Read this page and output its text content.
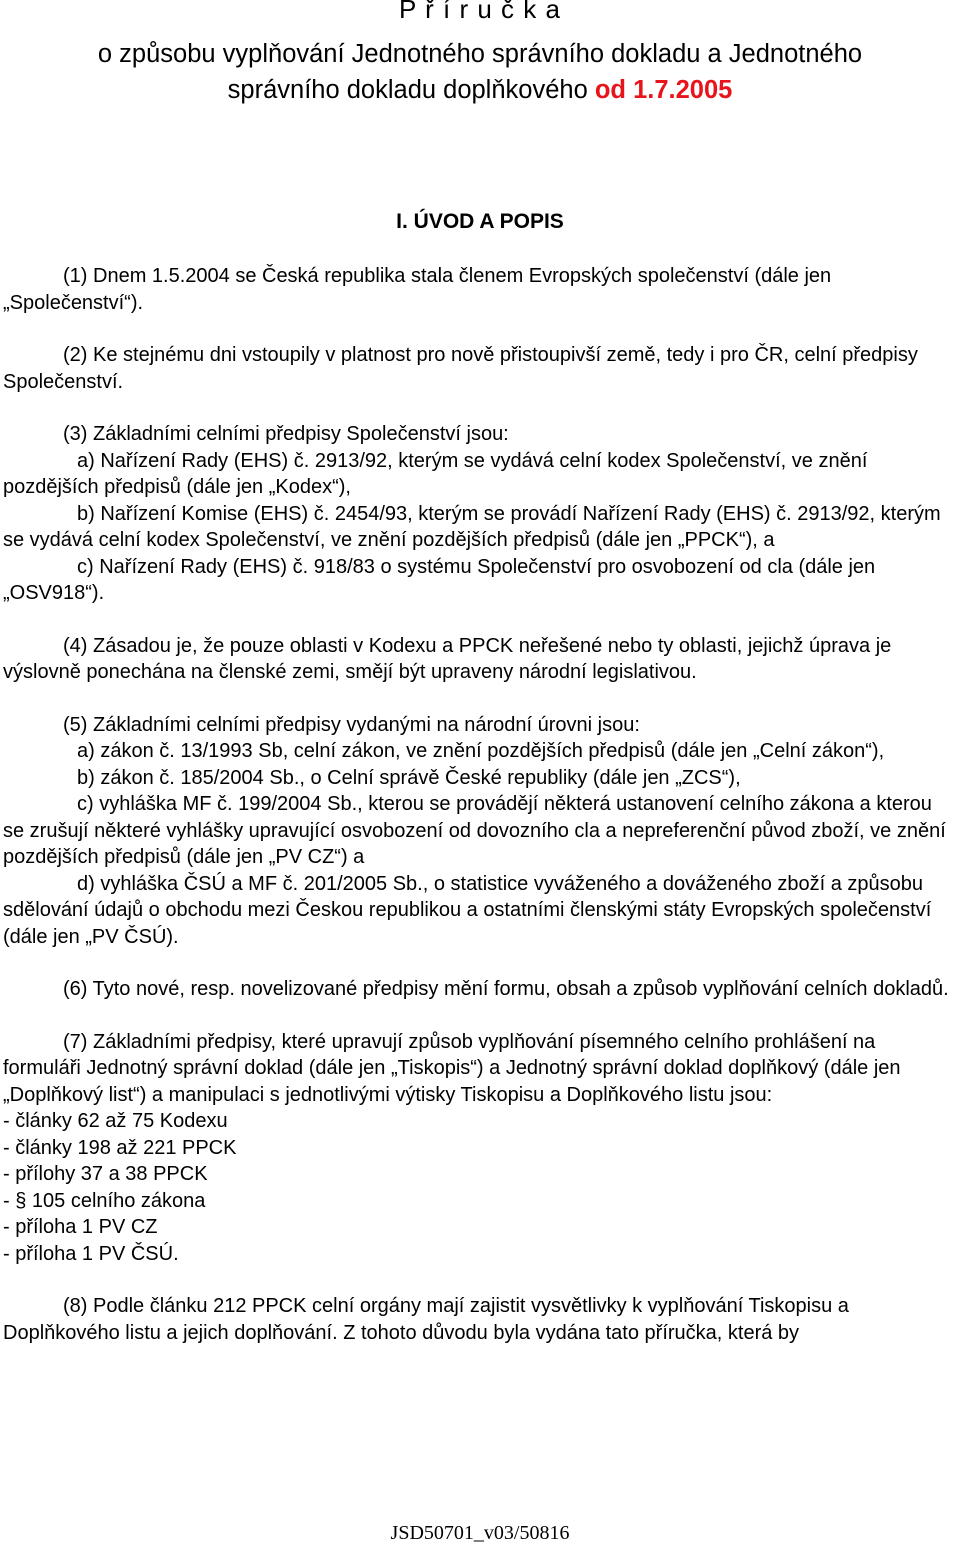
P ř í r u č k a
o způsobu vyplňování Jednotného správního dokladu a Jednotného
správního dokladu doplňkového od 1.7.2005
I. ÚVOD A POPIS

(1) Dnem 1.5.2004 se Česká republika stala členem Evropských společenství (dále jen „Společenství“).

(2) Ke stejnému dni vstoupily v platnost pro nově přistoupivší země, tedy i pro ČR, celní předpisy Společenství.

(3) Základními celními předpisy Společenství jsou:

a) Nařízení Rady (EHS) č. 2913/92, kterým se vydává celní kodex Společenství, ve znění pozdějších předpisů (dále jen „Kodex“),

b) Nařízení Komise (EHS) č. 2454/93, kterým se provádí Nařízení Rady (EHS) č. 2913/92, kterým se vydává celní kodex Společenství, ve znění pozdějších předpisů (dále jen „PPCK“), a

c) Nařízení Rady (EHS) č. 918/83 o systému Společenství pro osvobození od cla (dále jen „OSV918“).

(4) Zásadou je, že pouze oblasti v Kodexu a PPCK neřešené nebo ty oblasti, jejichž úprava je výslovně ponechána na členské zemi, smějí být upraveny národní legislativou.

(5) Základními celními předpisy vydanými na národní úrovni jsou:

a) zákon č. 13/1993 Sb, celní zákon, ve znění pozdějších předpisů (dále jen „Celní zákon“),

b) zákon č. 185/2004 Sb., o Celní správě České republiky (dále jen „ZCS“),

c) vyhláška MF č. 199/2004 Sb., kterou se provádějí některá ustanovení celního zákona a kterou se zrušují některé vyhlášky upravující osvobození od dovozního cla a nepreferenční původ zboží, ve znění pozdějších předpisů (dále jen „PV CZ“) a

d) vyhláška ČSÚ a MF č. 201/2005 Sb., o statistice vyváženého a dováženého zboží a způsobu sdělování údajů o obchodu mezi Českou republikou a ostatními členskými státy Evropských společenství (dále jen „PV ČSÚ).

(6) Tyto nové, resp. novelizované předpisy mění formu, obsah a způsob vyplňování celních dokladů.

(7) Základními předpisy, které upravují způsob vyplňování písemného celního prohlášení na formuláři Jednotný správní doklad (dále jen „Tiskopis“) a Jednotný správní doklad doplňkový (dále jen „Doplňkový list“) a manipulaci s jednotlivými výtisky Tiskopisu a Doplňkového listu jsou:

- články 62 až 75 Kodexu

- články 198 až 221 PPCK

- přílohy 37 a 38 PPCK

- § 105 celního zákona

- příloha 1 PV CZ

- příloha 1 PV ČSÚ.

(8) Podle článku 212 PPCK celní orgány mají zajistit vysvětlivky k vyplňování Tiskopisu a Doplňkového listu a jejich doplňování. Z tohoto důvodu byla vydána tato příručka, která by

JSD50701_v03/50816
